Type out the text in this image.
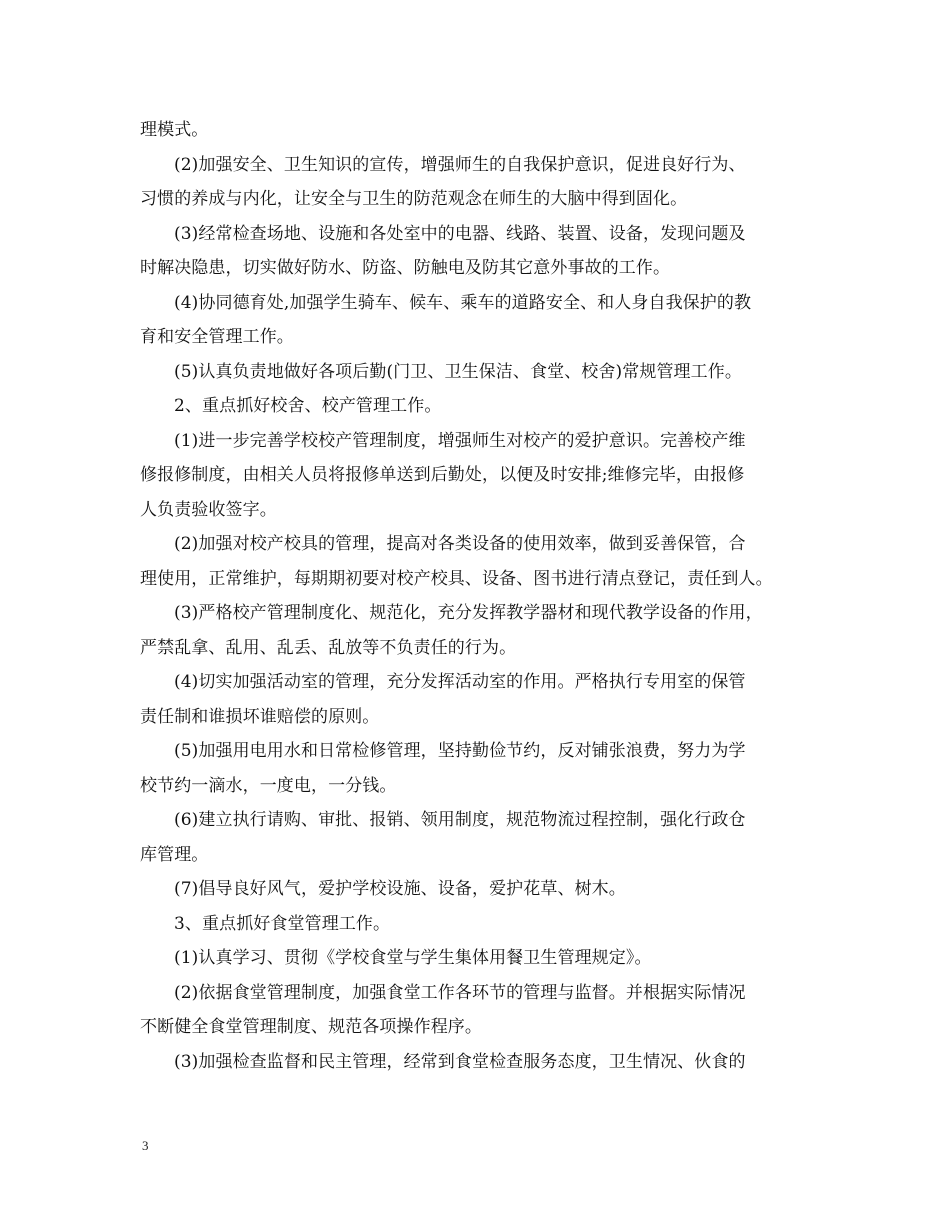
理模式。
(2)加强安全、卫生知识的宣传，增强师生的自我保护意识，促进良好行为、
习惯的养成与内化，让安全与卫生的防范观念在师生的大脑中得到固化。
(3)经常检查场地、设施和各处室中的电器、线路、装置、设备，发现问题及
时解决隐患，切实做好防水、防盗、防触电及防其它意外事故的工作。
(4)协同德育处,加强学生骑车、候车、乘车的道路安全、和人身自我保护的教
育和安全管理工作。
(5)认真负责地做好各项后勤(门卫、卫生保洁、食堂、校舍)常规管理工作。
2、重点抓好校舍、校产管理工作。
(1)进一步完善学校校产管理制度，增强师生对校产的爱护意识。完善校产维
修报修制度，由相关人员将报修单送到后勤处，以便及时安排;维修完毕，由报修
人负责验收签字。
(2)加强对校产校具的管理，提高对各类设备的使用效率，做到妥善保管，合
理使用，正常维护，每期期初要对校产校具、设备、图书进行清点登记，责任到人。
(3)严格校产管理制度化、规范化，充分发挥教学器材和现代教学设备的作用，
严禁乱拿、乱用、乱丢、乱放等不负责任的行为。
(4)切实加强活动室的管理，充分发挥活动室的作用。严格执行专用室的保管
责任制和谁损坏谁赔偿的原则。
(5)加强用电用水和日常检修管理，坚持勤俭节约，反对铺张浪费，努力为学
校节约一滴水，一度电，一分钱。
(6)建立执行请购、审批、报销、领用制度，规范物流过程控制，强化行政仓
库管理。
(7)倡导良好风气，爱护学校设施、设备，爱护花草、树木。
3、重点抓好食堂管理工作。
(1)认真学习、贯彻《学校食堂与学生集体用餐卫生管理规定》。
(2)依据食堂管理制度，加强食堂工作各环节的管理与监督。并根据实际情况
不断健全食堂管理制度、规范各项操作程序。
(3)加强检查监督和民主管理，经常到食堂检查服务态度，卫生情况、伙食的
3
